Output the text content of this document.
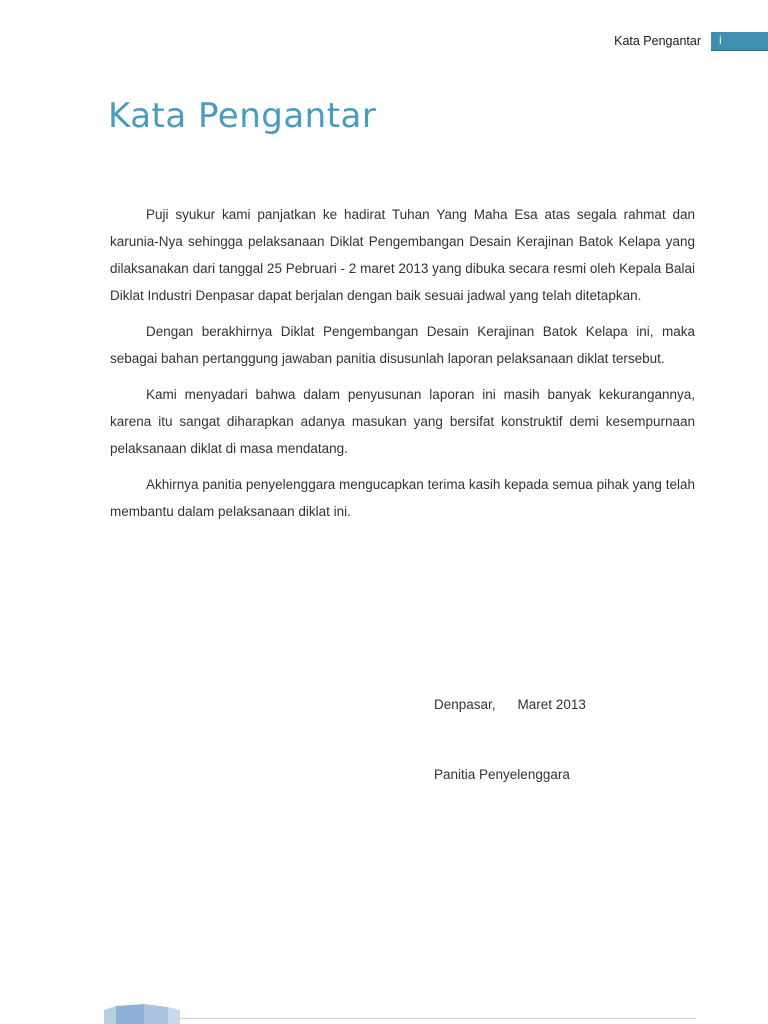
Kata Pengantar i
Kata Pengantar

Puji syukur kami panjatkan ke hadirat Tuhan Yang Maha Esa atas segala rahmat dan karunia-Nya sehingga pelaksanaan Diklat Pengembangan Desain Kerajinan Batok Kelapa yang dilaksanakan dari tanggal 25 Pebruari - 2 maret 2013 yang dibuka secara resmi oleh Kepala Balai Diklat Industri Denpasar dapat berjalan dengan baik sesuai jadwal yang telah ditetapkan.

Dengan berakhirnya Diklat Pengembangan Desain Kerajinan Batok Kelapa ini, maka sebagai bahan pertanggung jawaban panitia disusunlah laporan pelaksanaan diklat tersebut.

Kami menyadari bahwa dalam penyusunan laporan ini masih banyak kekurangannya, karena itu sangat diharapkan adanya masukan yang bersifat konstruktif demi kesempurnaan pelaksanaan diklat di masa mendatang.

Akhirnya panitia penyelenggara mengucapkan terima kasih kepada semua pihak yang telah membantu dalam pelaksanaan diklat ini.

Denpasar, Maret 2013
Panitia Penyelenggara
